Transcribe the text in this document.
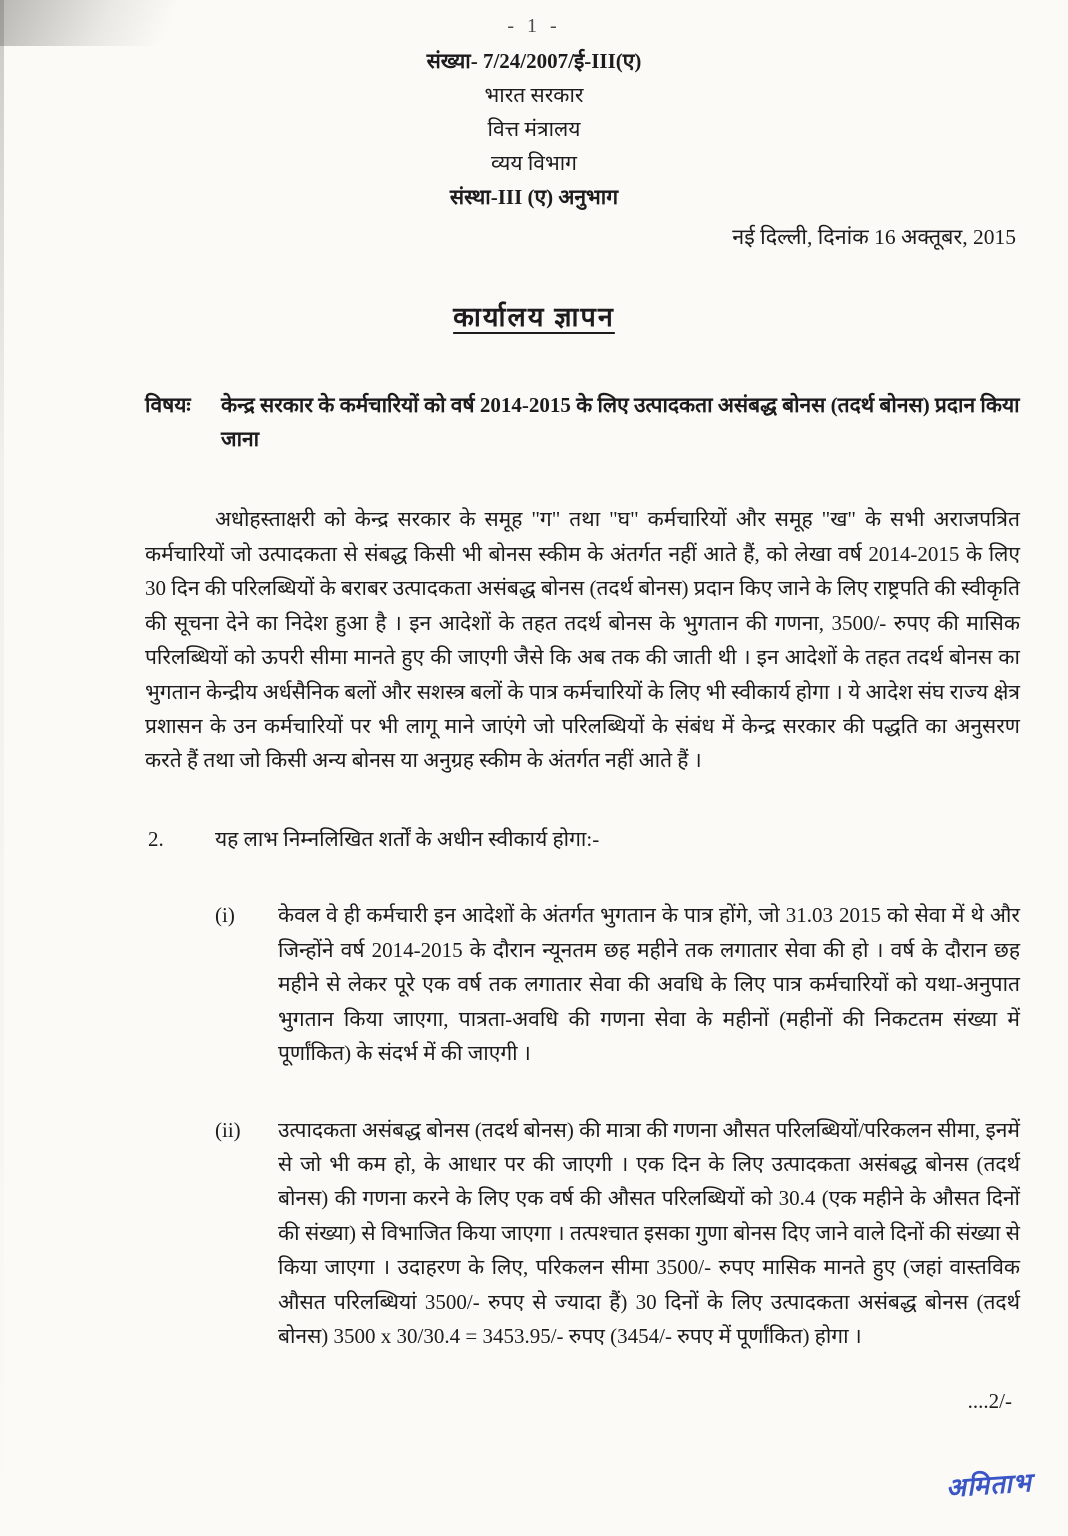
- 1 -
संख्या- 7/24/2007/ई-III(ए)
भारत सरकार
वित्त मंत्रालय
व्यय विभाग
संस्था-III (ए) अनुभाग
नई दिल्ली, दिनांक 16 अक्तूबर, 2015
कार्यालय ज्ञापन
विषयः	केन्द्र सरकार के कर्मचारियों को वर्ष 2014-2015 के लिए उत्पादकता असंबद्ध बोनस (तदर्थ बोनस) प्रदान किया जाना

अधोहस्ताक्षरी को केन्द्र सरकार के समूह "ग" तथा "घ" कर्मचारियों और समूह "ख" के सभी अराजपत्रित कर्मचारियों जो उत्पादकता से संबद्ध किसी भी बोनस स्कीम के अंतर्गत नहीं आते हैं, को लेखा वर्ष 2014-2015 के लिए 30 दिन की परिलब्धियों के बराबर उत्पादकता असंबद्ध बोनस (तदर्थ बोनस) प्रदान किए जाने के लिए राष्ट्रपति की स्वीकृति की सूचना देने का निदेश हुआ है । इन आदेशों के तहत तदर्थ बोनस के भुगतान की गणना, 3500/- रुपए की मासिक परिलब्धियों को ऊपरी सीमा मानते हुए की जाएगी जैसे कि अब तक की जाती थी । इन आदेशों के तहत तदर्थ बोनस का भुगतान केन्द्रीय अर्धसैनिक बलों और सशस्त्र बलों के पात्र कर्मचारियों के लिए भी स्वीकार्य होगा । ये आदेश संघ राज्य क्षेत्र प्रशासन के उन कर्मचारियों पर भी लागू माने जाएंगे जो परिलब्धियों के संबंध में केन्द्र सरकार की पद्धति का अनुसरण करते हैं तथा जो किसी अन्य बोनस या अनुग्रह स्कीम के अंतर्गत नहीं आते हैं ।

2.	यह लाभ निम्नलिखित शर्तों के अधीन स्वीकार्य होगा:-
(i)	केवल वे ही कर्मचारी इन आदेशों के अंतर्गत भुगतान के पात्र होंगे, जो 31.03 2015 को सेवा में थे और जिन्होंने वर्ष 2014-2015 के दौरान न्यूनतम छह महीने तक लगातार सेवा की हो । वर्ष के दौरान छह महीने से लेकर पूरे एक वर्ष तक लगातार सेवा की अवधि के लिए पात्र कर्मचारियों को यथा-अनुपात भुगतान किया जाएगा, पात्रता-अवधि की गणना सेवा के महीनों (महीनों की निकटतम संख्या में पूर्णांकित) के संदर्भ में की जाएगी ।
(ii)	उत्पादकता असंबद्ध बोनस (तदर्थ बोनस) की मात्रा की गणना औसत परिलब्धियों/परिकलन सीमा, इनमें से जो भी कम हो, के आधार पर की जाएगी । एक दिन के लिए उत्पादकता असंबद्ध बोनस (तदर्थ बोनस) की गणना करने के लिए एक वर्ष की औसत परिलब्धियों को 30.4 (एक महीने के औसत दिनों की संख्या) से विभाजित किया जाएगा । तत्पश्चात इसका गुणा बोनस दिए जाने वाले दिनों की संख्या से किया जाएगा । उदाहरण के लिए, परिकलन सीमा 3500/- रुपए मासिक मानते हुए (जहां वास्तविक औसत परिलब्धियां 3500/- रुपए से ज्यादा हैं) 30 दिनों के लिए उत्पादकता असंबद्ध बोनस (तदर्थ बोनस) 3500 x 30/30.4 = 3453.95/- रुपए (3454/- रुपए में पूर्णांकित) होगा ।
....2/-
अमिताभ
